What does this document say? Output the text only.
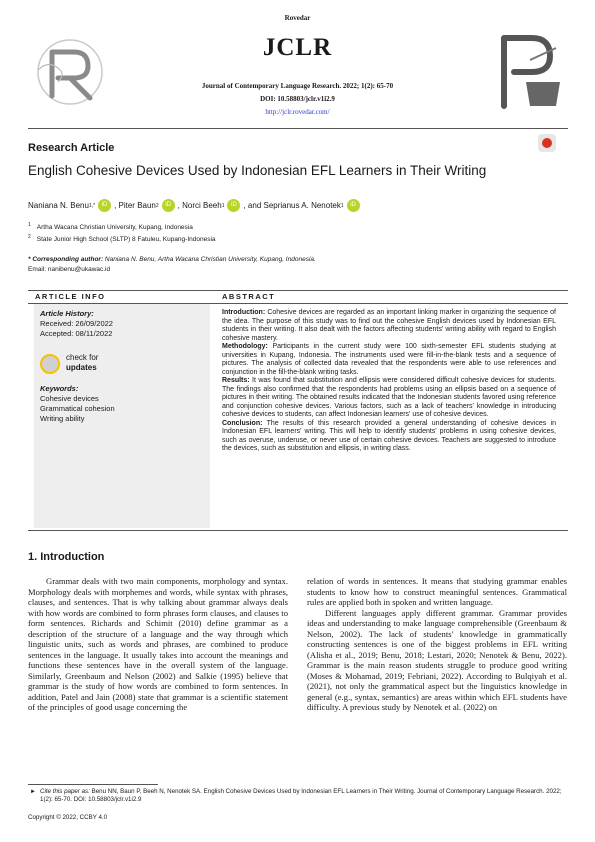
Rovedar
JCLR
Journal of Contemporary Language Research. 2022; 1(2): 65-70
DOI: 10.58803/jclr.v1i2.9
http://jclr.rovedar.com/
Research Article
English Cohesive Devices Used by Indonesian EFL Learners in Their Writing
Naniana N. Benu 1,*	iD , Piter Baun 2	iD , Norci Beeh 1	iD , and Seprianus A. Nenotek 1	iD
$^1$ Artha Wacana Christian University, Kupang, Indonesia
$^2$ State Junior High School (SLTP) 8 Fatuleu, Kupang-Indonesia
* Corresponding author: Naniana N. Benu, Artha Wacana Christian University, Kupang, Indonesia.
Email: nanibenu@ukawac.id
ARTICLE INFO	ABSTRACT
Article History:
Received: 26/09/2022
Accepted: 08/11/2022
check for
updates
Keywords:
Cohesive devices
Grammatical cohesion
Writing ability
Introduction: Cohesive devices are regarded as an important linking marker in organizing the sequence of the idea. The purpose of this study was to find out the cohesive English devices used by Indonesian EFL students in their writing. It also dealt with the factors affecting students' writing ability with regard to English cohesive mastery.
Methodology: Participants in the current study were 100 sixth-semester EFL students studying at universities in Kupang, Indonesia. The instruments used were fill-in-the-blank tests and a sequence of pictures. The analysis of collected data revealed that the respondents were able to use references and conjunction in the fill-the-blank writing tasks.
Results: It was found that substitution and ellipsis were considered difficult cohesive devices for students. The findings also confirmed that the respondents had problems using an ellipsis based on a sequence of pictures in their writing. The obtained results indicated that the Indonesian students favored using reference and conjunction cohesive devices. Various factors, such as a lack of teachers' knowledge in introducing cohesive devices to students, can affect Indonesian learners' use of cohesive devices.
Conclusion: The results of this research provided a general understanding of cohesive devices in Indonesian EFL learners' writing. This will help to identify students' problems in using cohesive devices, such as overuse, underuse, or never use of certain cohesive devices. Teachers are suggested to introduce the devices, such as substitution and ellipsis, in writing class.
1. Introduction
Grammar deals with two main components, morphology and syntax. Morphology deals with morphemes and words, while syntax with phrases, clauses, and sentences. That is why talking about grammar always deals with how words are combined to form phrases form clauses, and clauses to form sentences. Richards and Schimit (2010) define grammar as a description of the structure of a language and the way through which linguistic units, such as words and phrases, are combined to produce sentences in the language. It usually takes into account the meanings and functions these sentences have in the overall system of the language. Similarly, Greenbaum and Nelson (2002) and Salkie (1995) believe that grammar is the study of how words are combined to form sentences. In addition, Patel and Jain (2008) state that grammar is a scientific statement of the principles of good usage concerning the
relation of words in sentences. It means that studying grammar enables students to know how to construct meaningful sentences. Grammatical rules are applied both in spoken and written language.
Different languages apply different grammar. Grammar provides ideas and understanding to make language comprehensible (Greenbaum & Nelson, 2002). The lack of students' knowledge in grammatically constructing sentences is one of the biggest problems in EFL writing (Alisha et al., 2019; Benu, 2018; Lestari, 2020; Nenotek & Benu, 2022). Grammar is the main reason students struggle to produce good writing (Moses & Mohamad, 2019; Febriani, 2022). According to Bulqiyah et al. (2021), not only the grammatical aspect but the linguistics knowledge in general (e.g., syntax, semantics) are areas within which EFL students have difficulty. A previous study by Nenotek et al. (2022) on
► Cite this paper as: Benu NN, Baun P, Beeh N, Nenotek SA. English Cohesive Devices Used by Indonesian EFL Learners in Their Writing. Journal of Contemporary Language Research. 2022; 1(2): 65-70. DOI: 10.58803/jclr.v1i2.9
Copyright © 2022, CCBY 4.0
